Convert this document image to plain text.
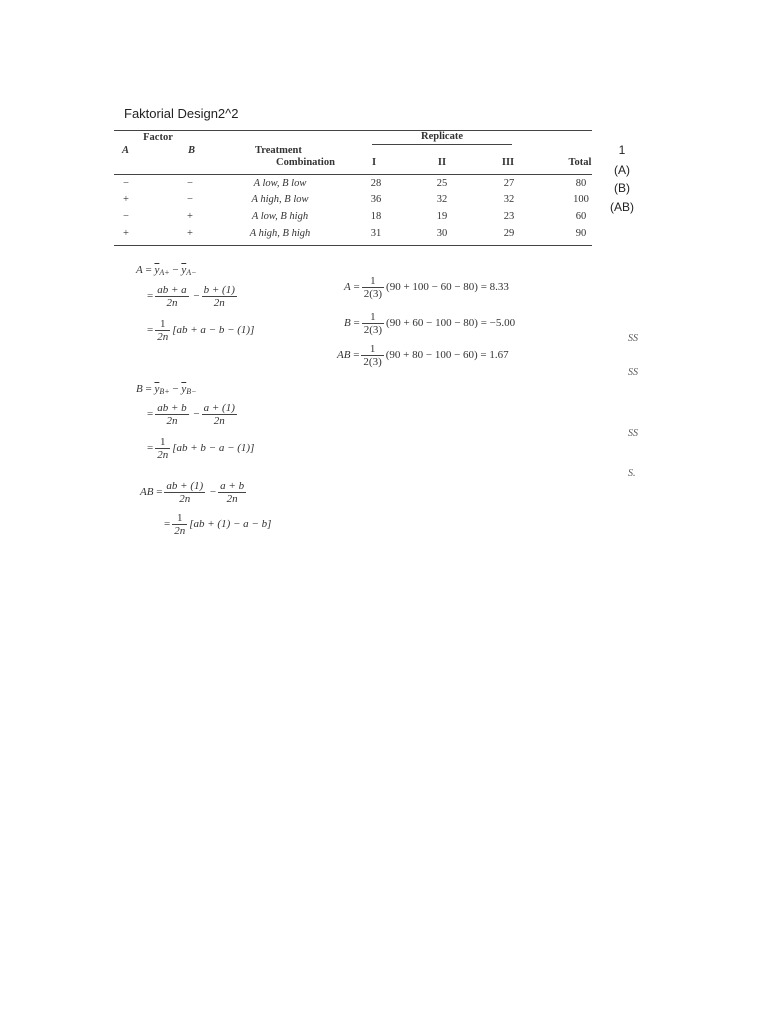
Faktorial Design2^2
Factor
A	B	Treatment
Combination
Replicate
I	II	III	Total
−	−	A low, B low	28	25	27	80
+	−	A high, B low	36	32	32	100
−	+	A low, B high	18	19	23	60
+	+	A high, B high	31	30	29	90
1
(A)
(B)
(AB)
$A = \overline{y}_{A+} - \overline{y}_{A-}$
= $\frac{ab + a}{2n} - \frac{b + (1)}{2n}$
= $\frac{1}{2n} [ab + a - b - (1)]$
$A = \frac{1}{2(3)} (90 + 100 - 60 - 80) = 8.33$
$B = \frac{1}{2(3)} (90 + 60 - 100 - 80) = -5.00$
AB = $\frac{1}{2(3)} (90 + 80 - 100 - 60) = 1.67$
$B = \overline{y}_{B+} - \overline{y}_{B-}$
= $\frac{ab + b}{2n} - \frac{a + (1)}{2n}$
= $\frac{1}{2n} [ab + b - a - (1)]$
AB = $\frac{ab + (1)}{2n} - \frac{a + b}{2n}$
= $\frac{1}{2n} [ab + (1) - a - b]$
SS
SS
SS
S.
